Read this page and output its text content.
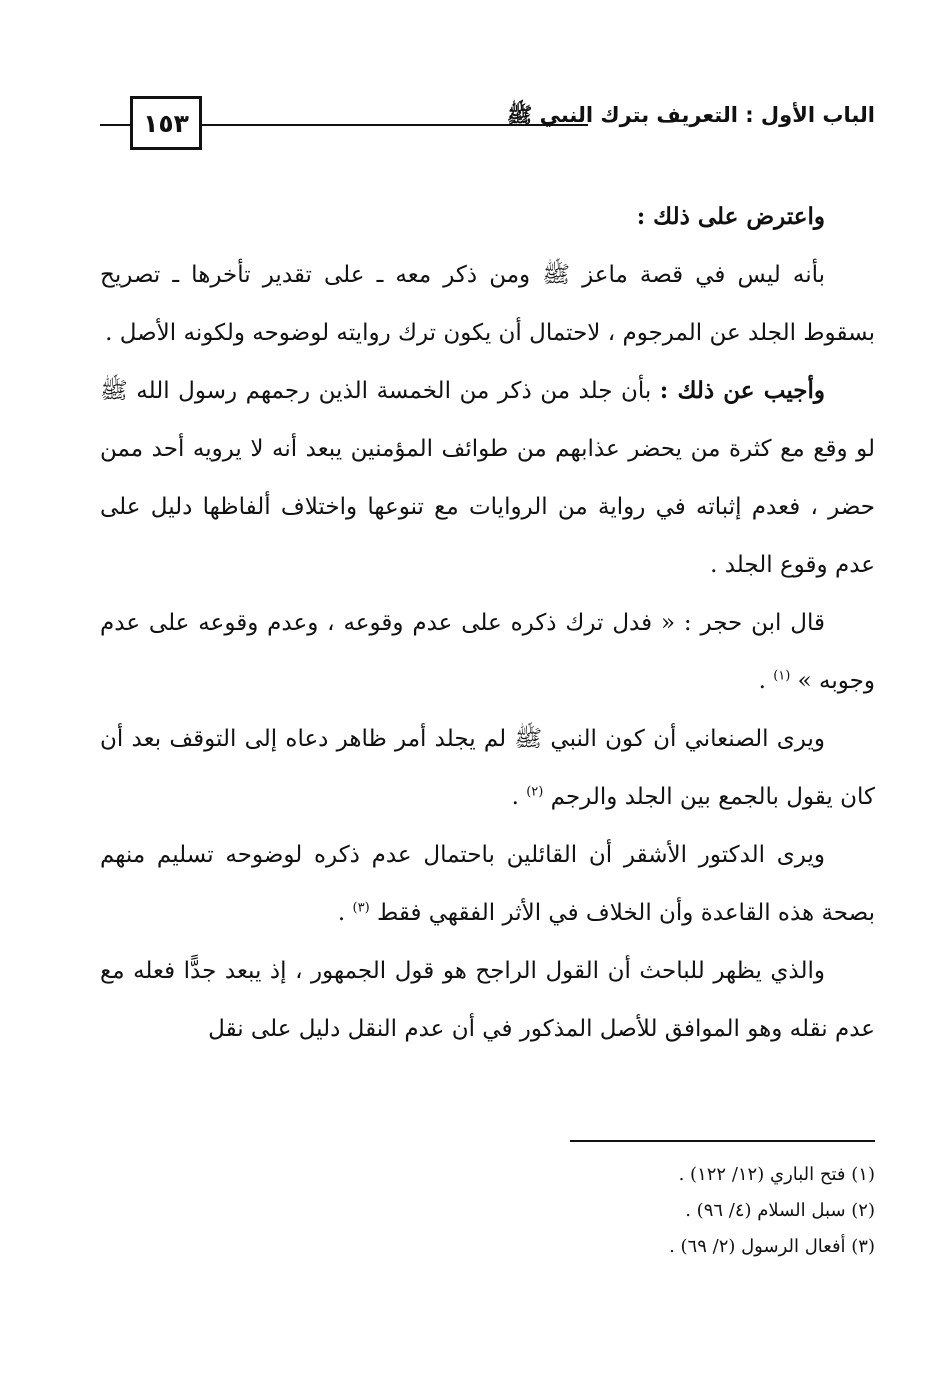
١٥٣	الباب الأول : التعريف بترك النبي ﷺ

واعترض على ذلك :

بأنه ليس في قصة ماعز ﷺ ومن ذكر معه ـ على تقدير تأخرها ـ تصريح بسقوط الجلد عن المرجوم ، لاحتمال أن يكون ترك روايته لوضوحه ولكونه الأصل .

وأجيب عن ذلك : بأن جلد من ذكر من الخمسة الذين رجمهم رسول الله ﷺ لو وقع مع كثرة من يحضر عذابهم من طوائف المؤمنين يبعد أنه لا يرويه أحد ممن حضر ، فعدم إثباته في رواية من الروايات مع تنوعها واختلاف ألفاظها دليل على عدم وقوع الجلد .

قال ابن حجر : « فدل ترك ذكره على عدم وقوعه ، وعدم وقوعه على عدم وجوبه » $^{(١)}$ .

ويرى الصنعاني أن كون النبي ﷺ لم يجلد أمر ظاهر دعاه إلى التوقف بعد أن كان يقول بالجمع بين الجلد والرجم $^{(٢)}$ .

ويرى الدكتور الأشقر أن القائلين باحتمال عدم ذكره لوضوحه تسليم منهم بصحة هذه القاعدة وأن الخلاف في الأثر الفقهي فقط $^{(٣)}$ .

والذي يظهر للباحث أن القول الراجح هو قول الجمهور ، إذ يبعد جدًّا فعله مع عدم نقله وهو الموافق للأصل المذكور في أن عدم النقل دليل على نقل

(١) فتح الباري (١٢/ ١٢٢) .

(٢) سبل السلام (٤/ ٩٦) .

(٣) أفعال الرسول (٢/ ٦٩) .
